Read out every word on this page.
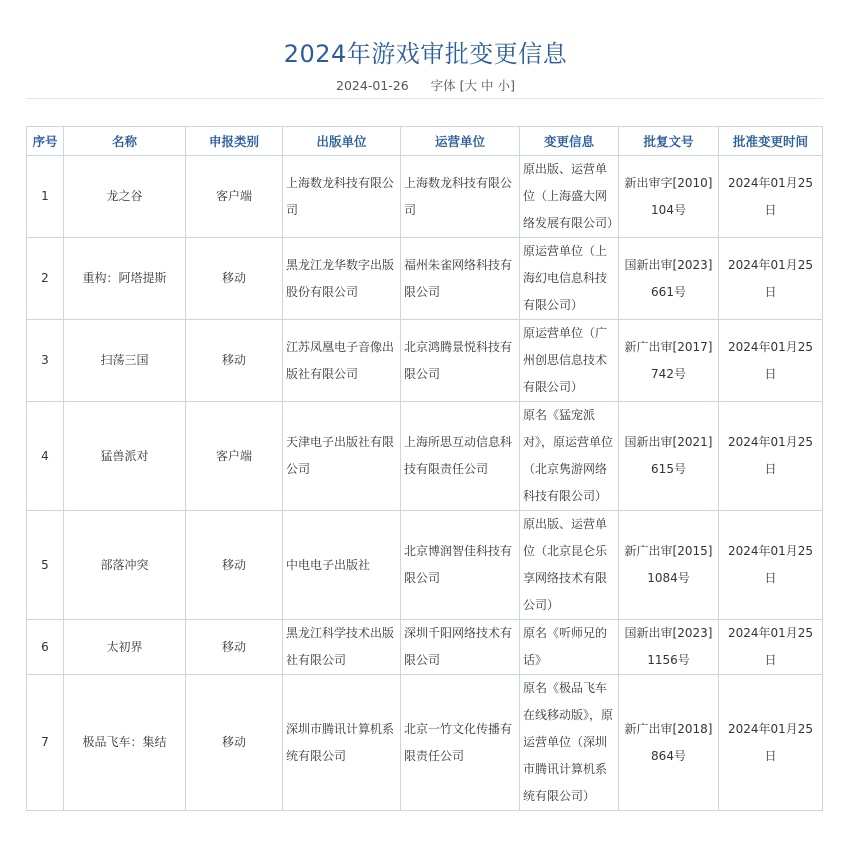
2024年游戏审批变更信息
2024-01-26 字体 [大 中 小]
序号	名称	申报类别	出版单位	运营单位	变更信息	批复文号	批准变更时间
1	龙之谷	客户端	上海数龙科技有限公司	上海数龙科技有限公司	原出版、运营单位（上海盛大网络发展有限公司）	新出审字[2010]104号	2024年01月25日
2	重构：阿塔提斯	移动	黑龙江龙华数字出版股份有限公司	福州朱雀网络科技有限公司	原运营单位（上海幻电信息科技有限公司）	国新出审[2023]661号	2024年01月25日
3	扫荡三国	移动	江苏凤凰电子音像出版社有限公司	北京鸿腾景悦科技有限公司	原运营单位（广州创思信息技术有限公司）	新广出审[2017]742号	2024年01月25日
4	猛兽派对	客户端	天津电子出版社有限公司	上海所思互动信息科技有限责任公司	原名《猛宠派对》，原运营单位（北京隽游网络科技有限公司）	国新出审[2021]615号	2024年01月25日
5	部落冲突	移动	中电电子出版社	北京博润智佳科技有限公司	原出版、运营单位（北京昆仑乐享网络技术有限公司）	新广出审[2015]1084号	2024年01月25日
6	太初界	移动	黑龙江科学技术出版社有限公司	深圳千阳网络技术有限公司	原名《听师兄的话》	国新出审[2023]1156号	2024年01月25日
7	极品飞车：集结	移动	深圳市腾讯计算机系统有限公司	北京一竹文化传播有限责任公司	原名《极品飞车在线移动版》，原运营单位（深圳市腾讯计算机系统有限公司）	新广出审[2018]864号	2024年01月25日
